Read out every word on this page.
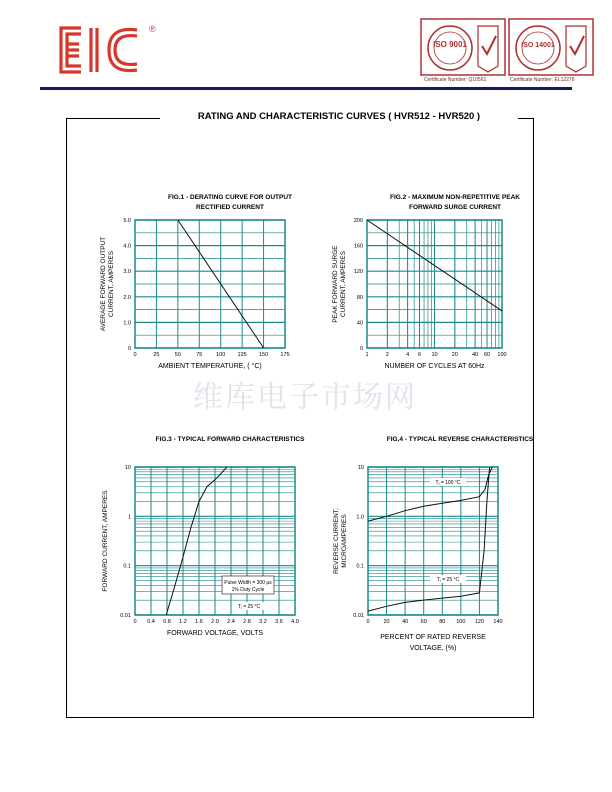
®
ISO 9001	ISO 14001
Certificate Number: Q10561	Certificate Number: EL12276
RATING AND CHARACTERISTIC CURVES ( HVR512 - HVR520 )
维库电子市场网
FIG.1 - DERATING CURVE FOR OUTPUT
RECTIFIED CURRENT
FIG.2 - MAXIMUM NON-REPETITIVE PEAK
FORWARD SURGE CURRENT
FIG.3 - TYPICAL FORWARD CHARACTERISTICS	FIG.4 - TYPICAL REVERSE CHARACTERISTICS
0	25	50	75	100 125 150 175
0
1.0
2.0
3.0
4.0
5.0
AMBIENT TEMPERATURE, ( °C)
AVERAGE FORWARD OUTPUT CURRENT, AMPERES
1	2	4 6 10	20	40 60 100
0
40
80
120
160
200
NUMBER OF CYCLES AT 60Hz
PEAK FORWARD SURGE CURRENT, AMPERES
0 0.4 0.8 1.2 1.6 2.0 2.4 2.8 3.2 3.6 4.0
0.01
0.1
1
10
FORWARD VOLTAGE, VOLTS
FORWARD CURRENT, AMPERES
0	20 40 60 80 100 120 140
0.01
0.1
1.0
10
PERCENT OF RATED REVERSE
VOLTAGE, (%)
REVERSE CURRENT, MICROAMPERES
Pulse Width = 300 μs
1% Duty Cycle
Tⱼ = 25 °C
Tⱼ = 100 °C
Tⱼ = 25 °C
